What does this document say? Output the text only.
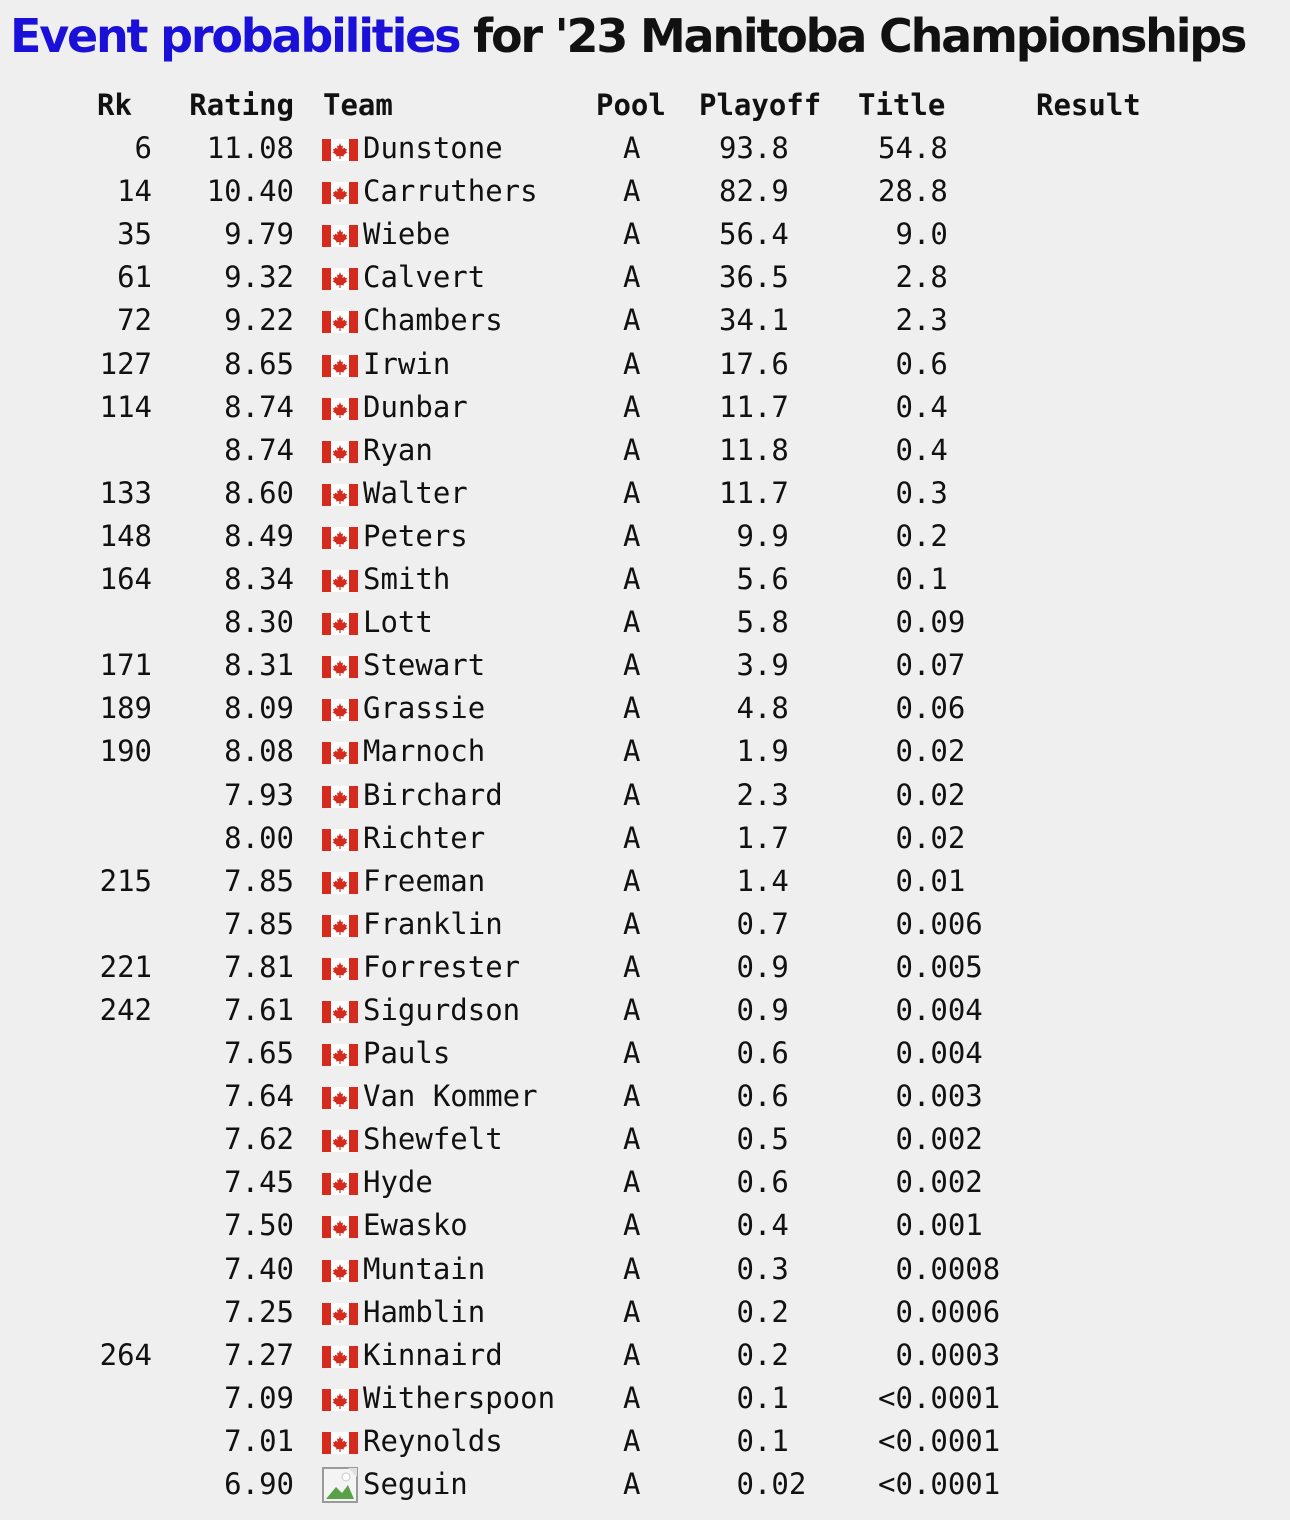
Event probabilities for '23 Manitoba Championships
Rk Rating Team	Pool Playoff Title	Result
6 11.08	Dunstone	A	93.8	54.8
14 10.40	Carruthers	A	82.9	28.8
35 9.79	Wiebe	A	56.4	9.0
61 9.32	Calvert	A	36.5	2.8
72 9.22	Chambers	A	34.1	2.3
127 8.65	Irwin	A	17.6	0.6
114 8.74	Dunbar	A	11.7	0.4
8.74	Ryan	A	11.8	0.4
133 8.60	Walter	A	11.7	0.3
148 8.49	Peters	A	9.9	0.2
164 8.34	Smith	A	5.6	0.1
8.30	Lott	A	5.8	0.09
171 8.31	Stewart	A	3.9	0.07
189 8.09	Grassie	A	4.8	0.06
190 8.08	Marnoch	A	1.9	0.02
7.93	Birchard	A	2.3	0.02
8.00	Richter	A	1.7	0.02
215 7.85	Freeman	A	1.4	0.01
7.85	Franklin	A	0.7	0.006
221 7.81	Forrester	A	0.9	0.005
242 7.61	Sigurdson	A	0.9	0.004
7.65	Pauls	A	0.6	0.004
7.64	Van Kommer	A	0.6	0.003
7.62	Shewfelt	A	0.5	0.002
7.45	Hyde	A	0.6	0.002
7.50	Ewasko	A	0.4	0.001
7.40	Muntain	A	0.3	0.0008
7.25	Hamblin	A	0.2	0.0006
264 7.27	Kinnaird	A	0.2	0.0003
7.09	Witherspoon A	0.1	<0.0001
7.01	Reynolds	A	0.1	<0.0001
6.90	Seguin	A	0.02 <0.0001
